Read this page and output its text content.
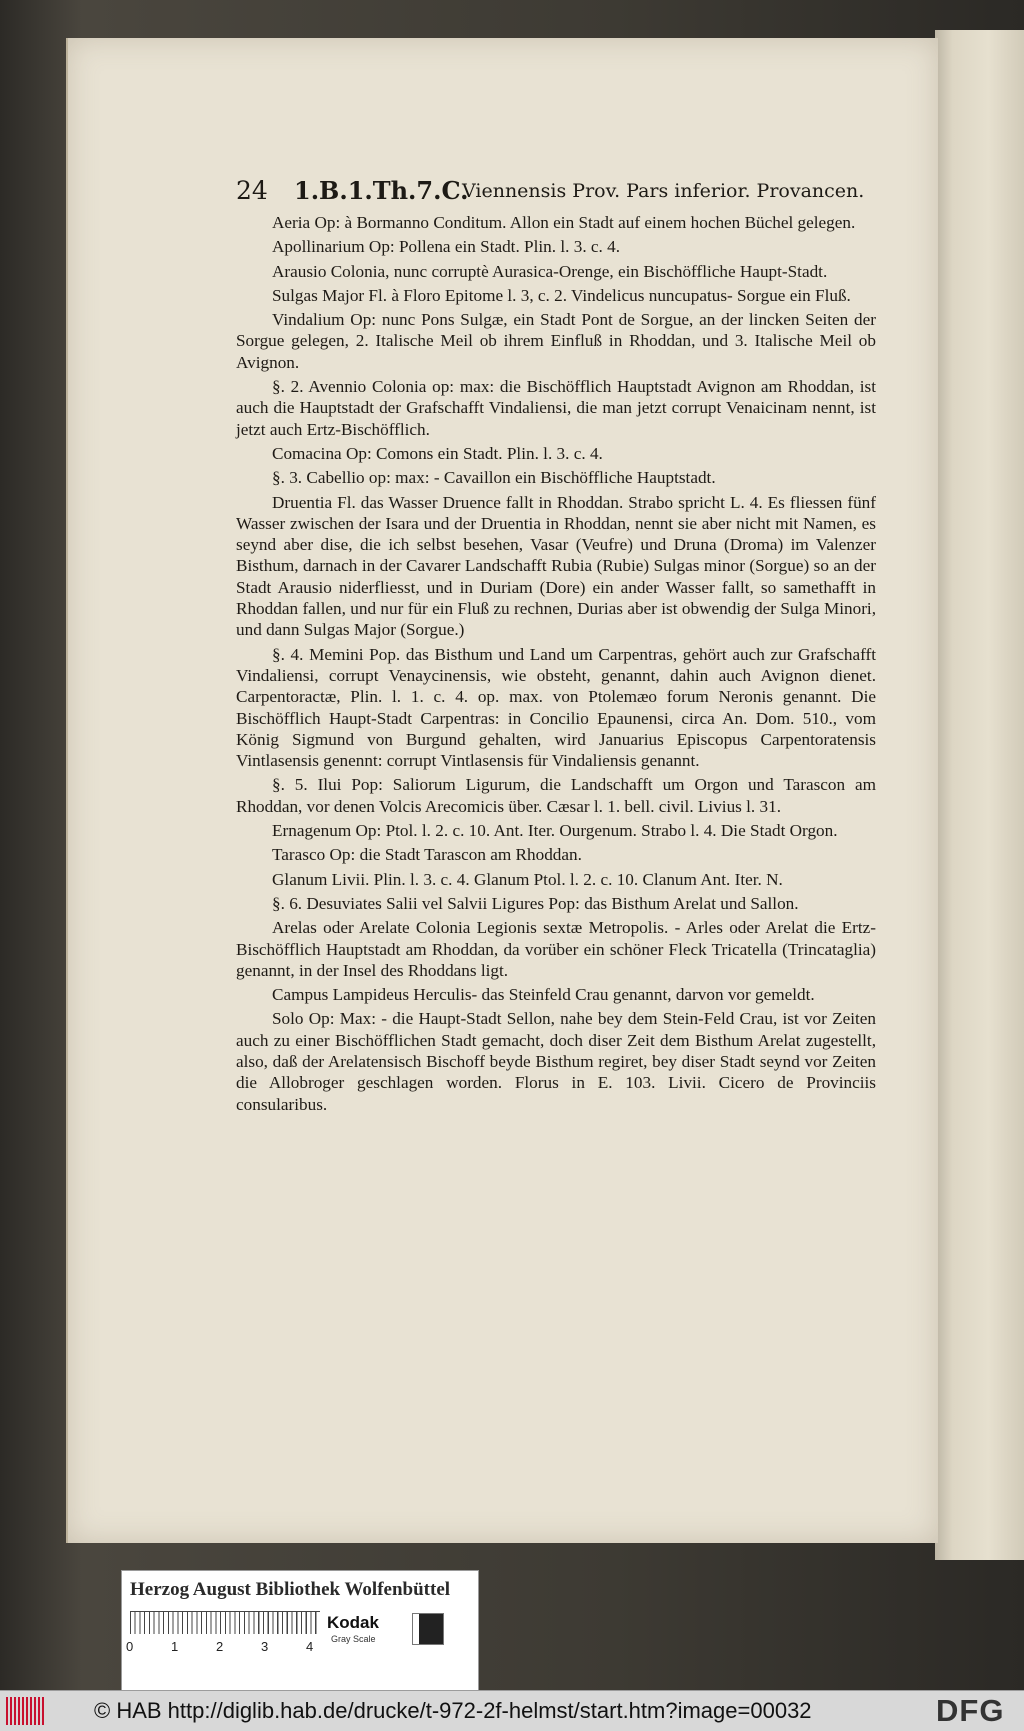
24 1.B.1.Th.7.C.
Viennensis Prov. Pars inferior. Provancen.

Aeria Op: à Bormanno Conditum. Allon ein Stadt auf einem hochen Büchel gelegen.

Apollinarium Op: Pollena ein Stadt. Plin. l. 3. c. 4.

Arausio Colonia, nunc corruptè Aurasica-Orenge, ein Bischöffliche Haupt-Stadt.

Sulgas Major Fl. à Floro Epitome l. 3, c. 2. Vindelicus nuncupatus- Sorgue ein Fluß.

Vindalium Op: nunc Pons Sulgæ, ein Stadt Pont de Sorgue, an der lincken Seiten der Sorgue gelegen, 2. Italische Meil ob ihrem Einfluß in Rhoddan, und 3. Italische Meil ob Avignon.

§. 2. Avennio Colonia op: max: die Bischöfflich Hauptstadt Avignon am Rhoddan, ist auch die Hauptstadt der Grafschafft Vindaliensi, die man jetzt corrupt Venaicinam nennt, ist jetzt auch Ertz-Bischöfflich.

Comacina Op: Comons ein Stadt. Plin. l. 3. c. 4.

§. 3. Cabellio op: max: - Cavaillon ein Bischöffliche Hauptstadt.

Druentia Fl. das Wasser Druence fallt in Rhoddan. Strabo spricht L. 4. Es fliessen fünf Wasser zwischen der Isara und der Druentia in Rhoddan, nennt sie aber nicht mit Namen, es seynd aber dise, die ich selbst besehen, Vasar (Veufre) und Druna (Droma) im Valenzer Bisthum, darnach in der Cavarer Landschafft Rubia (Rubie) Sulgas minor (Sorgue) so an der Stadt Arausio niderfliesst, und in Duriam (Dore) ein ander Wasser fallt, so samethafft in Rhoddan fallen, und nur für ein Fluß zu rechnen, Durias aber ist obwendig der Sulga Minori, und dann Sulgas Major (Sorgue.)

§. 4. Memini Pop. das Bisthum und Land um Carpentras, gehört auch zur Grafschafft Vindaliensi, corrupt Venaycinensis, wie obsteht, genannt, dahin auch Avignon dienet. Carpentoractæ, Plin. l. 1. c. 4. op. max. von Ptolemæo forum Neronis genannt. Die Bischöfflich Haupt-Stadt Carpentras: in Concilio Epaunensi, circa An. Dom. 510., vom König Sigmund von Burgund gehalten, wird Januarius Episcopus Carpentoratensis Vintlasensis genennt: corrupt Vintlasensis für Vindaliensis genannt.

§. 5. Ilui Pop: Saliorum Ligurum, die Landschafft um Orgon und Tarascon am Rhoddan, vor denen Volcis Arecomicis über. Cæsar l. 1. bell. civil. Livius l. 31.

Ernagenum Op: Ptol. l. 2. c. 10. Ant. Iter. Ourgenum. Strabo l. 4. Die Stadt Orgon.

Tarasco Op: die Stadt Tarascon am Rhoddan.

Glanum Livii. Plin. l. 3. c. 4. Glanum Ptol. l. 2. c. 10. Clanum Ant. Iter. N.

§. 6. Desuviates Salii vel Salvii Ligures Pop: das Bisthum Arelat und Sallon.

Arelas oder Arelate Colonia Legionis sextæ Metropolis. - Arles oder Arelat die Ertz-Bischöfflich Hauptstadt am Rhoddan, da vorüber ein schöner Fleck Tricatella (Trincataglia) genannt, in der Insel des Rhoddans ligt.

Campus Lampideus Herculis- das Steinfeld Crau genannt, darvon vor gemeldt.

Solo Op: Max: - die Haupt-Stadt Sellon, nahe bey dem Stein-Feld Crau, ist vor Zeiten auch zu einer Bischöfflichen Stadt gemacht, doch diser Zeit dem Bisthum Arelat zugestellt, also, daß der Arelatensisch Bischoff beyde Bisthum regiret, bey diser Stadt seynd vor Zeiten die Allobroger geschlagen worden. Florus in E. 103. Livii. Cicero de Provinciis consularibus.

Herzog August Bibliothek Wolfenbüttel
0	1	2	3	4
Kodak
Gray Scale
© HAB http://diglib.hab.de/drucke/t-972-2f-helmst/start.htm?image=00032	DFG
